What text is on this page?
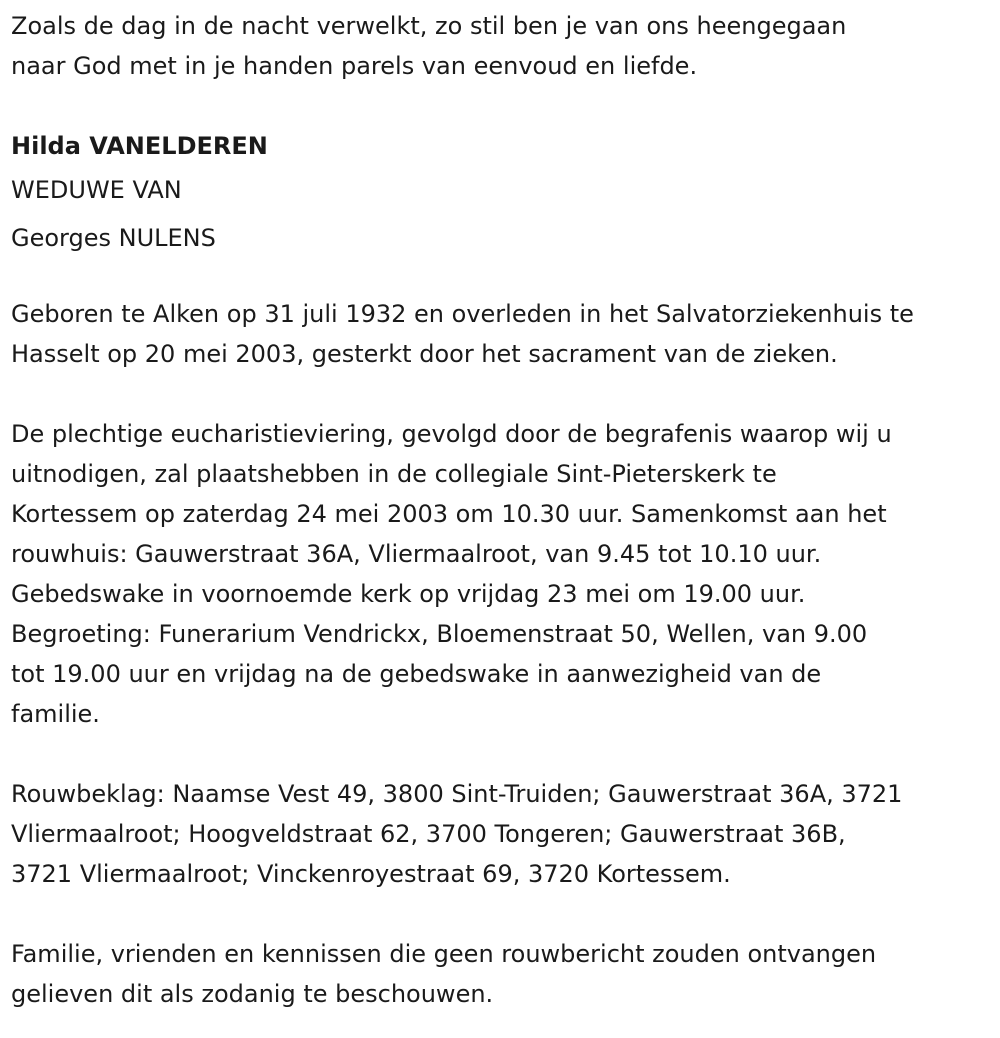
Zoals de dag in de nacht verwelkt, zo stil ben je van ons heengegaan
naar God met in je handen parels van eenvoud en liefde.
Hilda VANELDEREN
WEDUWE VAN
Georges NULENS
Geboren te Alken op 31 juli 1932 en overleden in het Salvatorziekenhuis te
Hasselt op 20 mei 2003, gesterkt door het sacrament van de zieken.
De plechtige eucharistieviering, gevolgd door de begrafenis waarop wij u
uitnodigen, zal plaatshebben in de collegiale Sint-Pieterskerk te
Kortessem op zaterdag 24 mei 2003 om 10.30 uur. Samenkomst aan het
rouwhuis: Gauwerstraat 36A, Vliermaalroot, van 9.45 tot 10.10 uur.
Gebedswake in voornoemde kerk op vrijdag 23 mei om 19.00 uur.
Begroeting: Funerarium Vendrickx, Bloemenstraat 50, Wellen, van 9.00
tot 19.00 uur en vrijdag na de gebedswake in aanwezigheid van de
familie.
Rouwbeklag: Naamse Vest 49, 3800 Sint-Truiden; Gauwerstraat 36A, 3721
Vliermaalroot; Hoogveldstraat 62, 3700 Tongeren; Gauwerstraat 36B,
3721 Vliermaalroot; Vinckenroyestraat 69, 3720 Kortessem.
Familie, vrienden en kennissen die geen rouwbericht zouden ontvangen
gelieven dit als zodanig te beschouwen.
